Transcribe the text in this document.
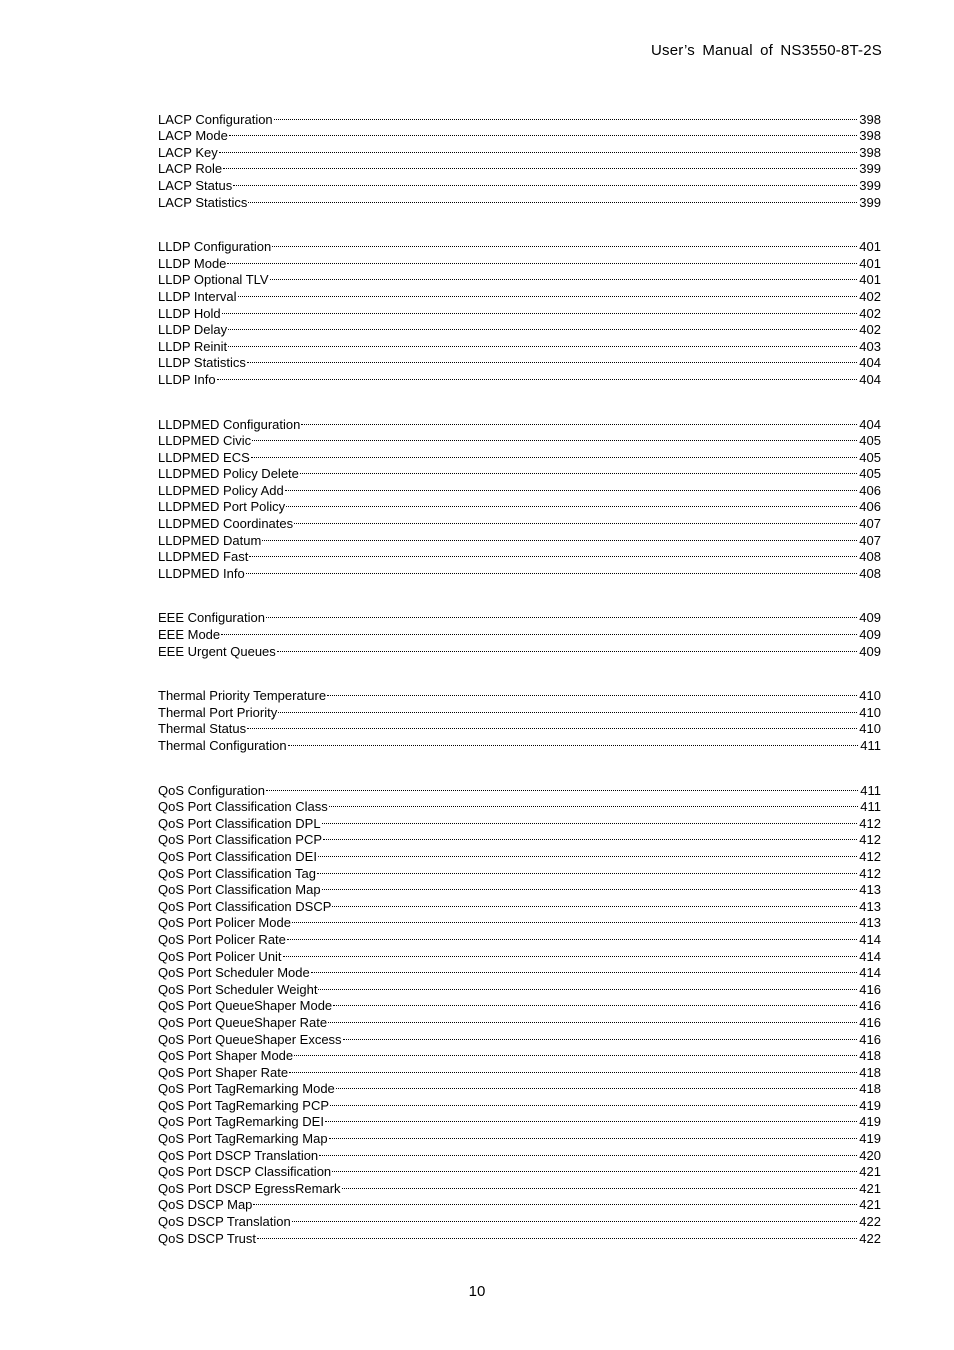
User’s Manual of NS3550-8T-2S
LACP Configuration	398
LACP Mode	398
LACP Key	398
LACP Role	399
LACP Status	399
LACP Statistics	399
LLDP Configuration	401
LLDP Mode	401
LLDP Optional TLV	401
LLDP Interval	402
LLDP Hold	402
LLDP Delay	402
LLDP Reinit	403
LLDP Statistics	404
LLDP Info	404
LLDPMED Configuration	404
LLDPMED Civic	405
LLDPMED ECS	405
LLDPMED Policy Delete	405
LLDPMED Policy Add	406
LLDPMED Port Policy	406
LLDPMED Coordinates	407
LLDPMED Datum	407
LLDPMED Fast	408
LLDPMED Info	408
EEE Configuration	409
EEE Mode	409
EEE Urgent Queues	409
Thermal Priority Temperature	410
Thermal Port Priority	410
Thermal Status	410
Thermal Configuration	411
QoS Configuration	411
QoS Port Classification Class	411
QoS Port Classification DPL	412
QoS Port Classification PCP	412
QoS Port Classification DEI	412
QoS Port Classification Tag	412
QoS Port Classification Map	413
QoS Port Classification DSCP	413
QoS Port Policer Mode	413
QoS Port Policer Rate	414
QoS Port Policer Unit	414
QoS Port Scheduler Mode	414
QoS Port Scheduler Weight	416
QoS Port QueueShaper Mode	416
QoS Port QueueShaper Rate	416
QoS Port QueueShaper Excess	416
QoS Port Shaper Mode	418
QoS Port Shaper Rate	418
QoS Port TagRemarking Mode	418
QoS Port TagRemarking PCP	419
QoS Port TagRemarking DEI	419
QoS Port TagRemarking Map	419
QoS Port DSCP Translation	420
QoS Port DSCP Classification	421
QoS Port DSCP EgressRemark	421
QoS DSCP Map	421
QoS DSCP Translation	422
QoS DSCP Trust	422
10
